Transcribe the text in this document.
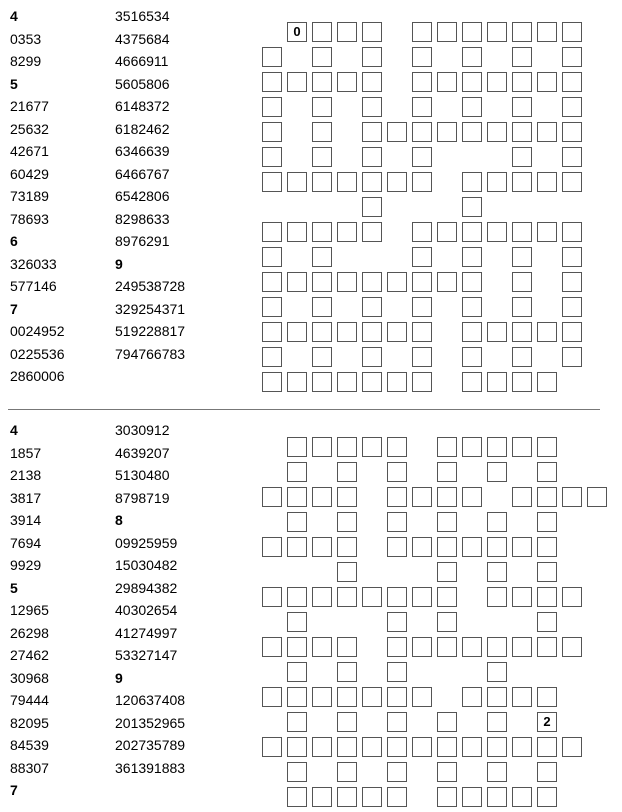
4
0353
8299
5
21677
25632
42671
60429
73189
78693
6
326033
577146
7
0024952
0225536
2860006
3516534
4375684
4666911
5605806
6148372
6182462
6346639
6466767
6542806
8298633
8976291
9
249538728
329254371
519228817
794766783
0
4
1857
2138
3817
3914
7694
9929
5
12965
26298
27462
30968
79444
82095
84539
88307
7
3030912
4639207
5130480
8798719
8
09925959
15030482
29894382
40302654
41274997
53327147
9
120637408
201352965
202735789
361391883
2
